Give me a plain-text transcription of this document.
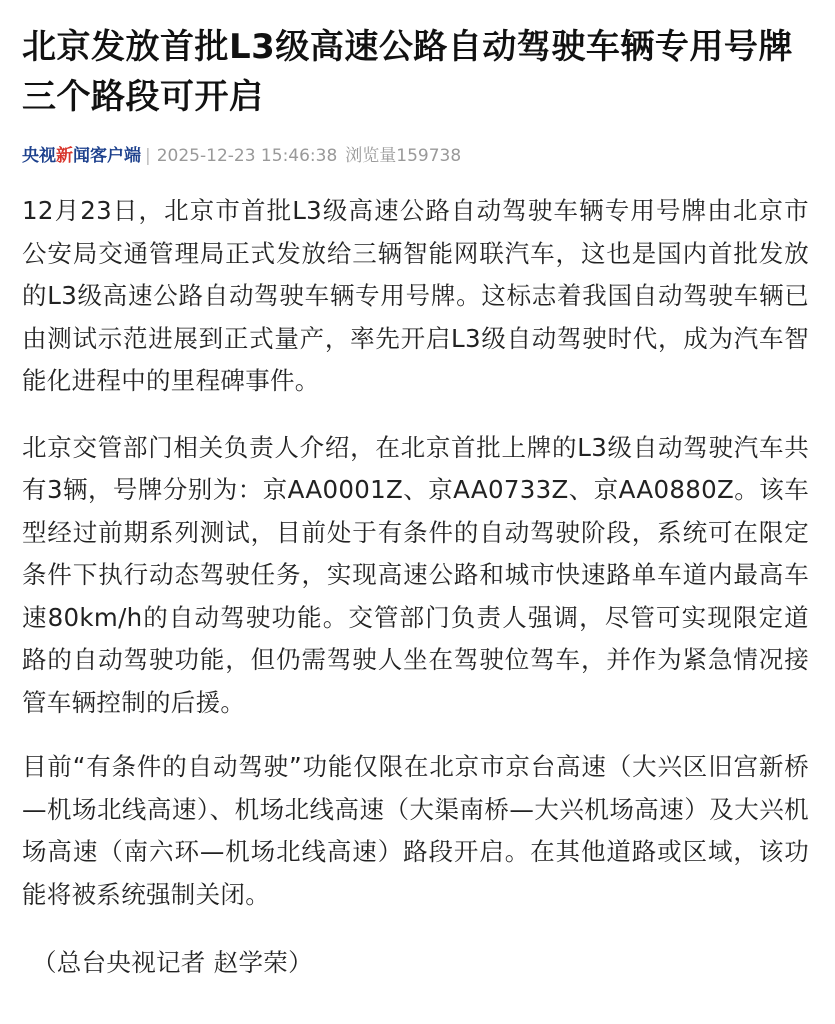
北京发放首批L3级高速公路自动驾驶车辆专用号牌 三个路段可开启
央视新闻客户端 | 2025-12-23 15:46:38 浏览量159738

12月23日，北京市首批L3级高速公路自动驾驶车辆专用号牌由北京市公安局交通管理局正式发放给三辆智能网联汽车，这也是国内首批发放的L3级高速公路自动驾驶车辆专用号牌。这标志着我国自动驾驶车辆已由测试示范进展到正式量产，率先开启L3级自动驾驶时代，成为汽车智能化进程中的里程碑事件。

北京交管部门相关负责人介绍，在北京首批上牌的L3级自动驾驶汽车共有3辆，号牌分别为：京AA0001Z、京AA0733Z、京AA0880Z。该车型经过前期系列测试，目前处于有条件的自动驾驶阶段，系统可在限定条件下执行动态驾驶任务，实现高速公路和城市快速路单车道内最高车速80km/h的自动驾驶功能。交管部门负责人强调，尽管可实现限定道路的自动驾驶功能，但仍需驾驶人坐在驾驶位驾车，并作为紧急情况接管车辆控制的后援。

目前“有条件的自动驾驶”功能仅限在北京市京台高速（大兴区旧宫新桥—机场北线高速）、机场北线高速（大渠南桥—大兴机场高速）及大兴机场高速（南六环—机场北线高速）路段开启。在其他道路或区域，该功能将被系统强制关闭。

（总台央视记者 赵学荣）
